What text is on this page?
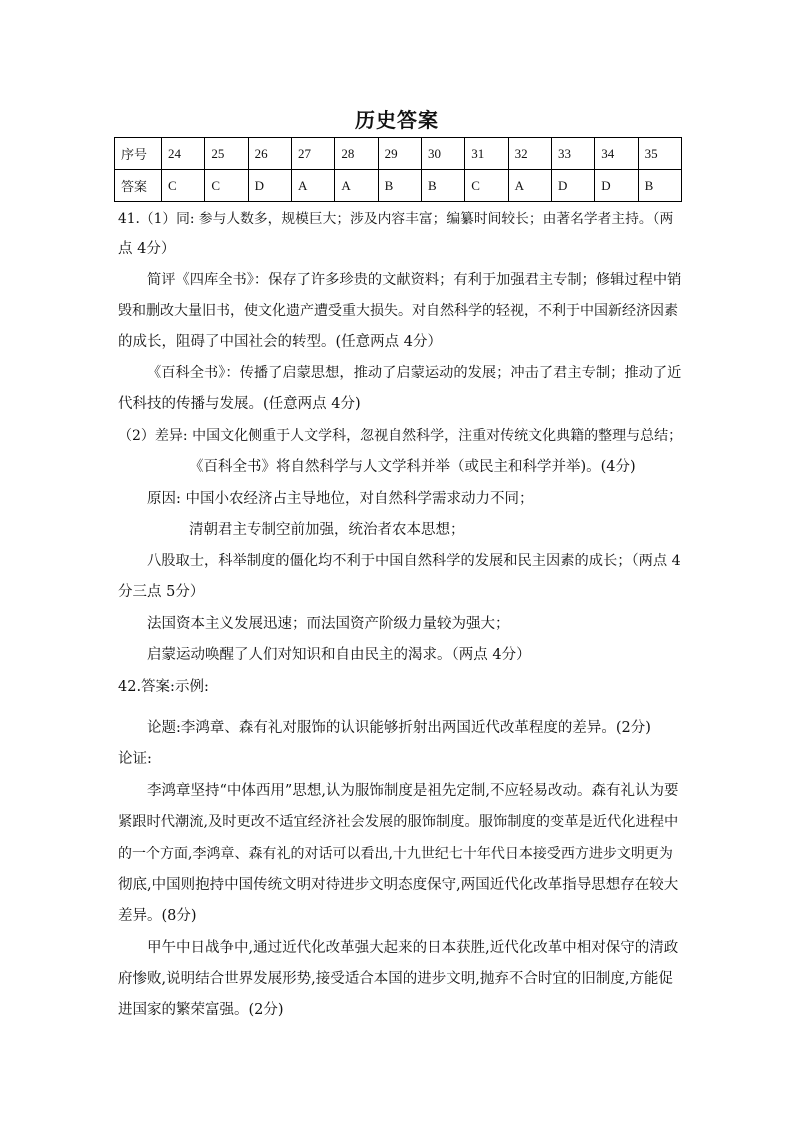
历史答案
序号	24	25	26	27	28	29	30	31	32	33	34	35
答案	C	C	D	A	A	B	B	C	A	D	D	B
41.（1）同: 参与人数多，规模巨大；涉及内容丰富；编纂时间较长；由著名学者主持。（两
点 4分）
简评《四库全书》：保存了许多珍贵的文献资料；有利于加强君主专制；修辑过程中销
毁和删改大量旧书，使文化遗产遭受重大损失。对自然科学的轻视，不利于中国新经济因素
的成长，阻碍了中国社会的转型。(任意两点 4分）
《百科全书》：传播了启蒙思想，推动了启蒙运动的发展；冲击了君主专制；推动了近
代科技的传播与发展。(任意两点 4分)
（2）差异: 中国文化侧重于人文学科，忽视自然科学，注重对传统文化典籍的整理与总结；
《百科全书》将自然科学与人文学科并举（或民主和科学并举)。(4分)
原因: 中国小农经济占主导地位，对自然科学需求动力不同；
清朝君主专制空前加强，统治者农本思想；
八股取士，科举制度的僵化均不利于中国自然科学的发展和民主因素的成长；（两点 4
分三点 5分）
法国资本主义发展迅速；而法国资产阶级力量较为强大；
启蒙运动唤醒了人们对知识和自由民主的渴求。（两点 4分）
42.答案:示例:
论题:李鸿章、森有礼对服饰的认识能够折射出两国近代改革程度的差异。(2分)
论证:
李鸿章坚持“中体西用”思想,认为服饰制度是祖先定制,不应轻易改动。森有礼认为要
紧跟时代潮流,及时更改不适宜经济社会发展的服饰制度。服饰制度的变革是近代化进程中
的一个方面,李鸿章、森有礼的对话可以看出,十九世纪七十年代日本接受西方进步文明更为
彻底,中国则抱持中国传统文明对待进步文明态度保守,两国近代化改革指导思想存在较大
差异。(8分)
甲午中日战争中,通过近代化改革强大起来的日本获胜,近代化改革中相对保守的清政
府惨败,说明结合世界发展形势,接受适合本国的进步文明,抛弃不合时宜的旧制度,方能促
进国家的繁荣富强。(2分)
